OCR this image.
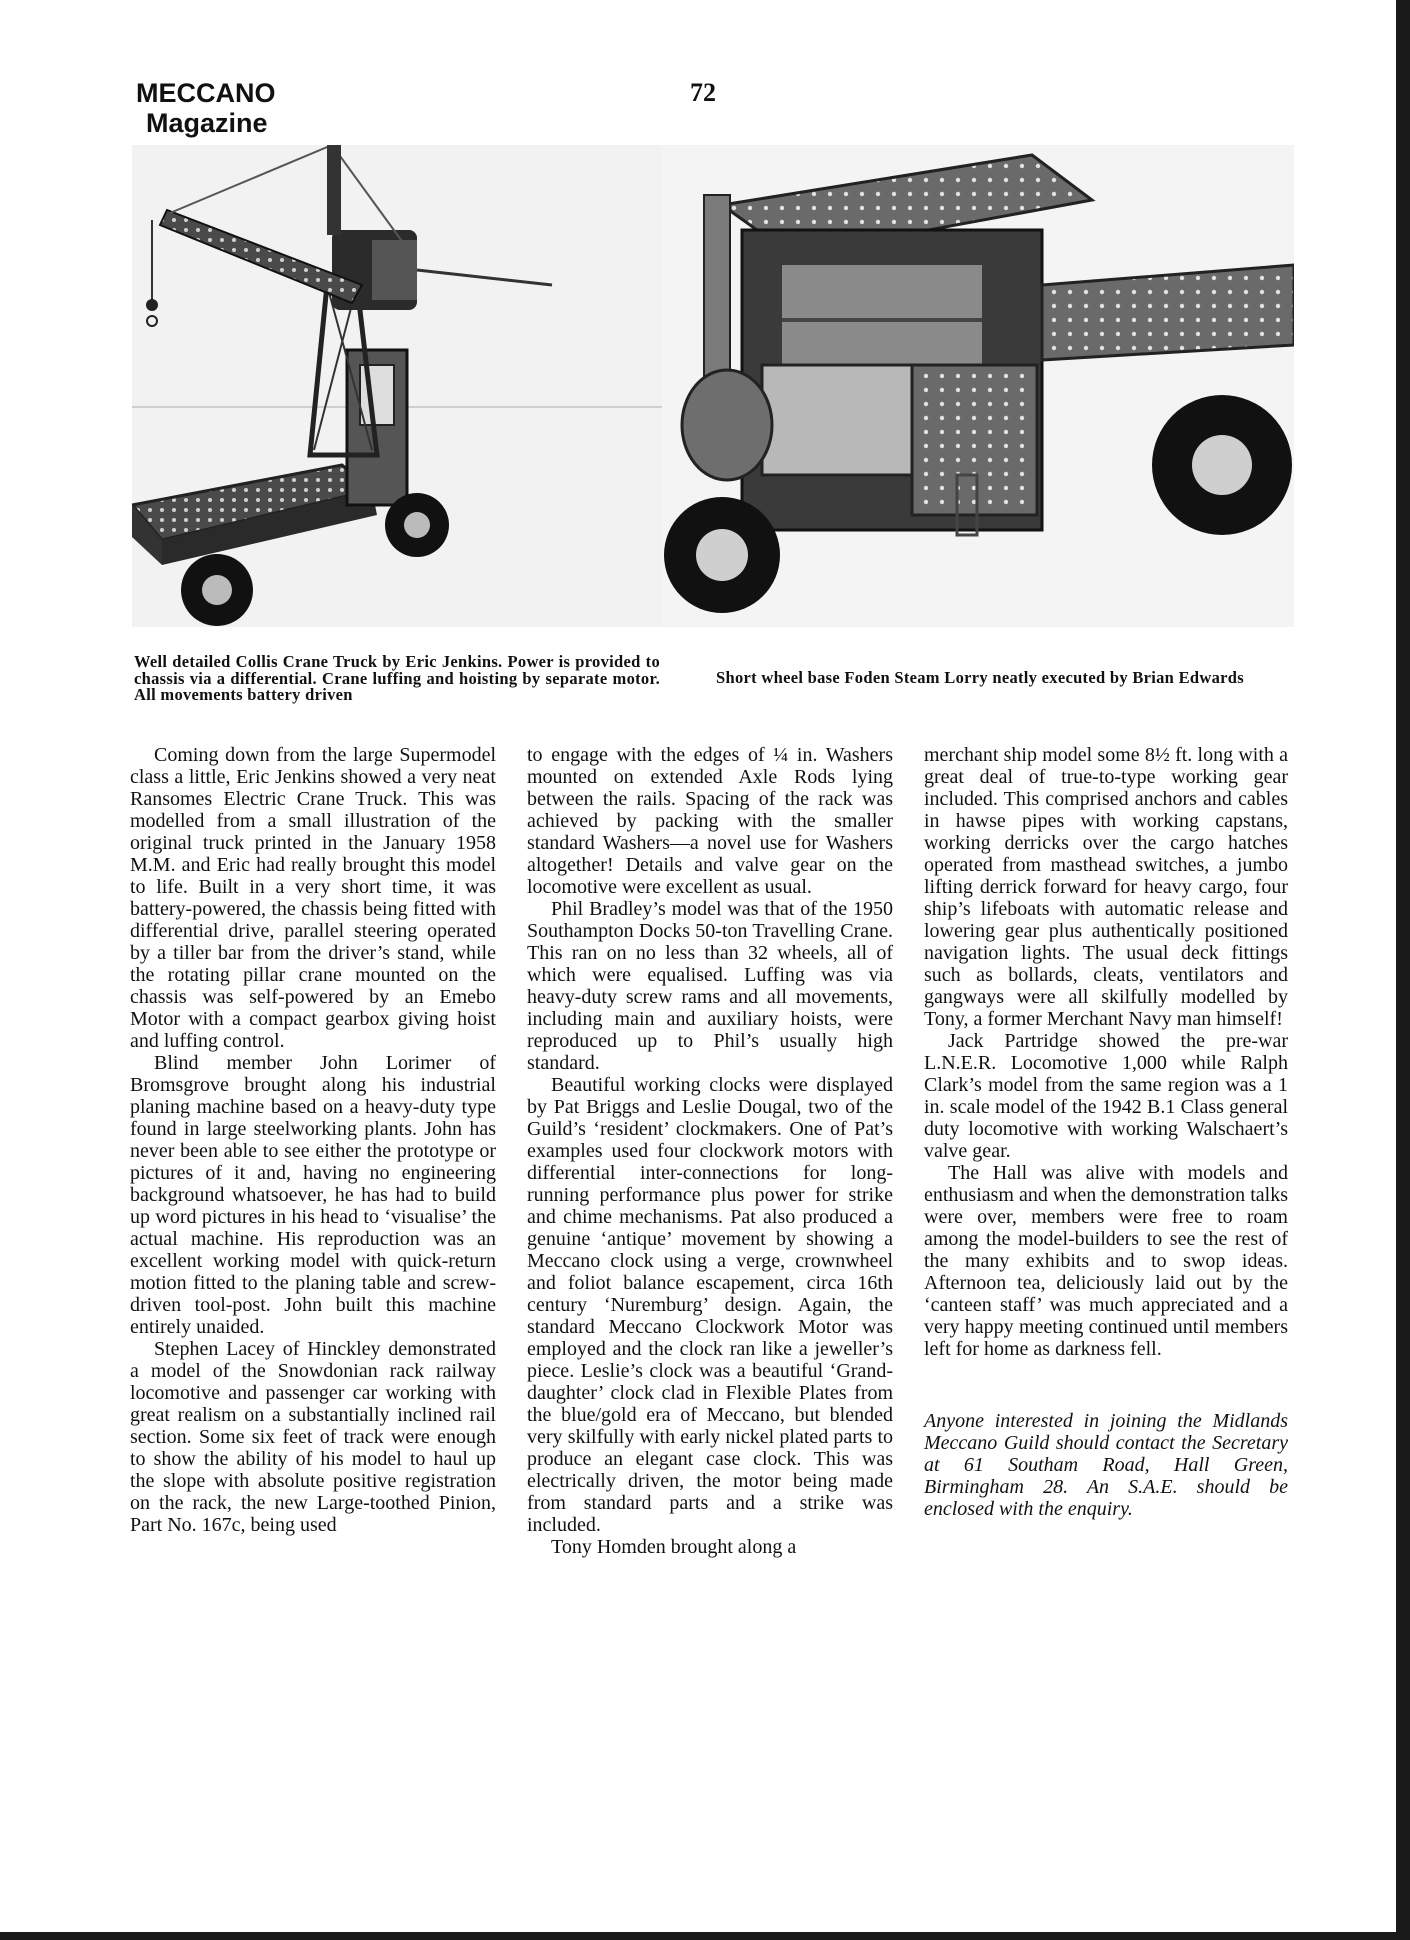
MECCANO
Magazine
72
Well detailed Collis Crane Truck by Eric Jenkins. Power is provided to chassis via a differential. Crane luffing and hoisting by separate motor. All movements battery driven
Short wheel base Foden Steam Lorry neatly executed by Brian Edwards

Coming down from the large Supermodel class a little, Eric Jenkins showed a very neat Ransomes Electric Crane Truck. This was modelled from a small illustration of the original truck printed in the January 1958 M.M. and Eric had really brought this model to life. Built in a very short time, it was battery-powered, the chassis being fitted with differential drive, parallel steering operated by a tiller bar from the driver’s stand, while the rotating pillar crane mounted on the chassis was self-powered by an Emebo Motor with a compact gearbox giving hoist and luffing control.

Blind member John Lorimer of Bromsgrove brought along his industrial planing machine based on a heavy-duty type found in large steelworking plants. John has never been able to see either the prototype or pictures of it and, having no engineering background whatsoever, he has had to build up word pictures in his head to ‘visualise’ the actual machine. His reproduction was an excellent working model with quick-return motion fitted to the planing table and screw-driven tool-post. John built this machine entirely unaided.

Stephen Lacey of Hinckley demonstrated a model of the Snowdonian rack railway locomotive and passenger car working with great realism on a substantially inclined rail section. Some six feet of track were enough to show the ability of his model to haul up the slope with absolute positive registration on the rack, the new Large-toothed Pinion, Part No. 167c, being used

to engage with the edges of ¼ in. Washers mounted on extended Axle Rods lying between the rails. Spacing of the rack was achieved by packing with the smaller standard Washers—a novel use for Washers altogether! Details and valve gear on the locomotive were excellent as usual.

Phil Bradley’s model was that of the 1950 Southampton Docks 50-ton Travelling Crane. This ran on no less than 32 wheels, all of which were equalised. Luffing was via heavy-duty screw rams and all movements, including main and auxiliary hoists, were reproduced up to Phil’s usually high standard.

Beautiful working clocks were displayed by Pat Briggs and Leslie Dougal, two of the Guild’s ‘resident’ clockmakers. One of Pat’s examples used four clockwork motors with differential inter-connections for long-running performance plus power for strike and chime mechanisms. Pat also produced a genuine ‘antique’ movement by showing a Meccano clock using a verge, crownwheel and foliot balance escapement, circa 16th century ‘Nuremburg’ design. Again, the standard Meccano Clockwork Motor was employed and the clock ran like a jeweller’s piece. Leslie’s clock was a beautiful ‘Granddaughter’ clock clad in Flexible Plates from the blue/gold era of Meccano, but blended very skilfully with early nickel plated parts to produce an elegant case clock. This was electrically driven, the motor being made from standard parts and a strike was included.

Tony Homden brought along a

merchant ship model some 8½ ft. long with a great deal of true-to-type working gear included. This comprised anchors and cables in hawse pipes with working capstans, working derricks over the cargo hatches operated from masthead switches, a jumbo lifting derrick forward for heavy cargo, four ship’s lifeboats with automatic release and lowering gear plus authentically positioned navigation lights. The usual deck fittings such as bollards, cleats, ventilators and gangways were all skilfully modelled by Tony, a former Merchant Navy man himself!

Jack Partridge showed the pre-war L.N.E.R. Locomotive 1,000 while Ralph Clark’s model from the same region was a 1 in. scale model of the 1942 B.1 Class general duty locomotive with working Walschaert’s valve gear.

The Hall was alive with models and enthusiasm and when the demonstration talks were over, members were free to roam among the model-builders to see the rest of the many exhibits and to swop ideas. Afternoon tea, deliciously laid out by the ‘canteen staff’ was much appreciated and a very happy meeting continued until members left for home as darkness fell.

Anyone interested in joining the Midlands Meccano Guild should contact the Secretary at 61 Southam Road, Hall Green, Birmingham 28. An S.A.E. should be enclosed with the enquiry.
